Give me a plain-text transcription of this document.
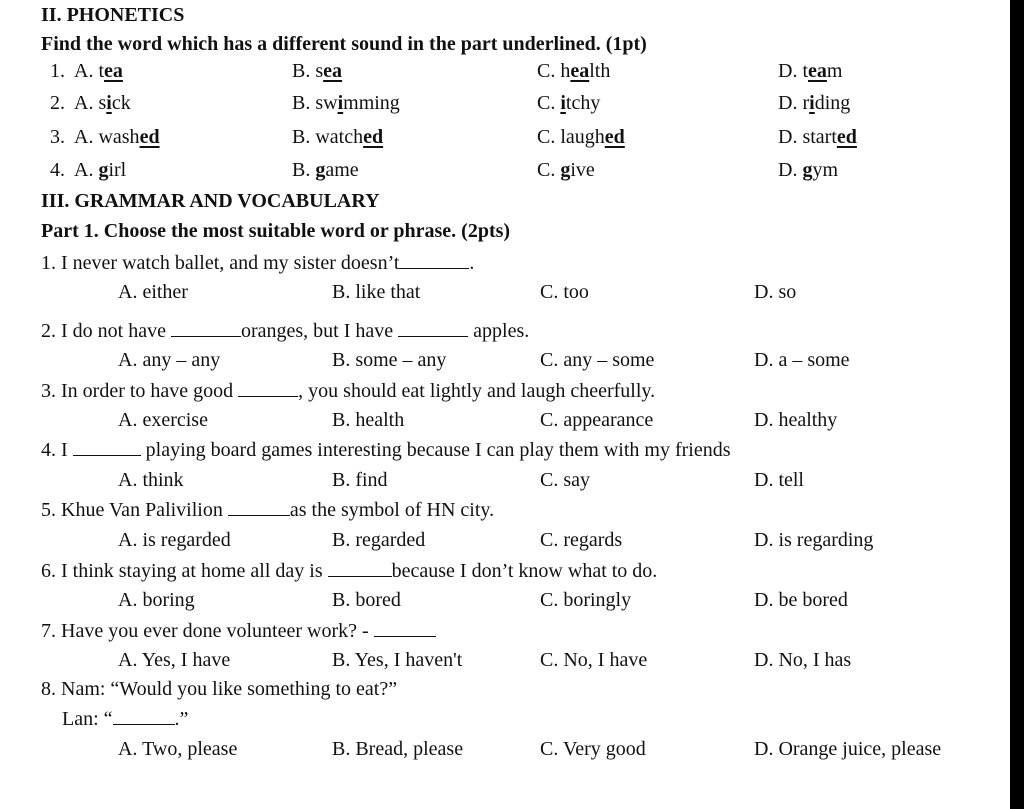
II. PHONETICS
Find the word which has a different sound in the part underlined. (1pt)
1. A. tea	B. sea	C. health	D. team
2. A. sick	B. swimming	C. itchy	D. riding
3. A. washed	B. watched	C. laughed	D. started
4. A. girl	B. game	C. give	D. gym
III. GRAMMAR AND VOCABULARY
Part 1. Choose the most suitable word or phrase. (2pts)
1. I never watch ballet, and my sister doesn’t	.
2. I do not have	oranges, but I have	apples.
3. In order to have good	, you should eat lightly and laugh cheerfully.
4. I	playing board games interesting because I can play them with my friends
5. Khue Van Palivilion	as the symbol of HN city.
6. I think staying at home all day is	because I don’t know what to do.
7. Have you ever done volunteer work? -
8. Nam: “Would you like something to eat?”
Lan: “	.”
A. either	B. like that	C. too	D. so
A. any – any	B. some – any	C. any – some	D. a – some
A. exercise	B. health	C. appearance	D. healthy
A. think	B. find	C. say	D. tell
A. is regarded	B. regarded	C. regards	D. is regarding
A. boring	B. bored	C. boringly	D. be bored
A. Yes, I have	B. Yes, I haven't	C. No, I have	D. No, I has
A. Two, please	B. Bread, please	C. Very good	D. Orange juice, please
